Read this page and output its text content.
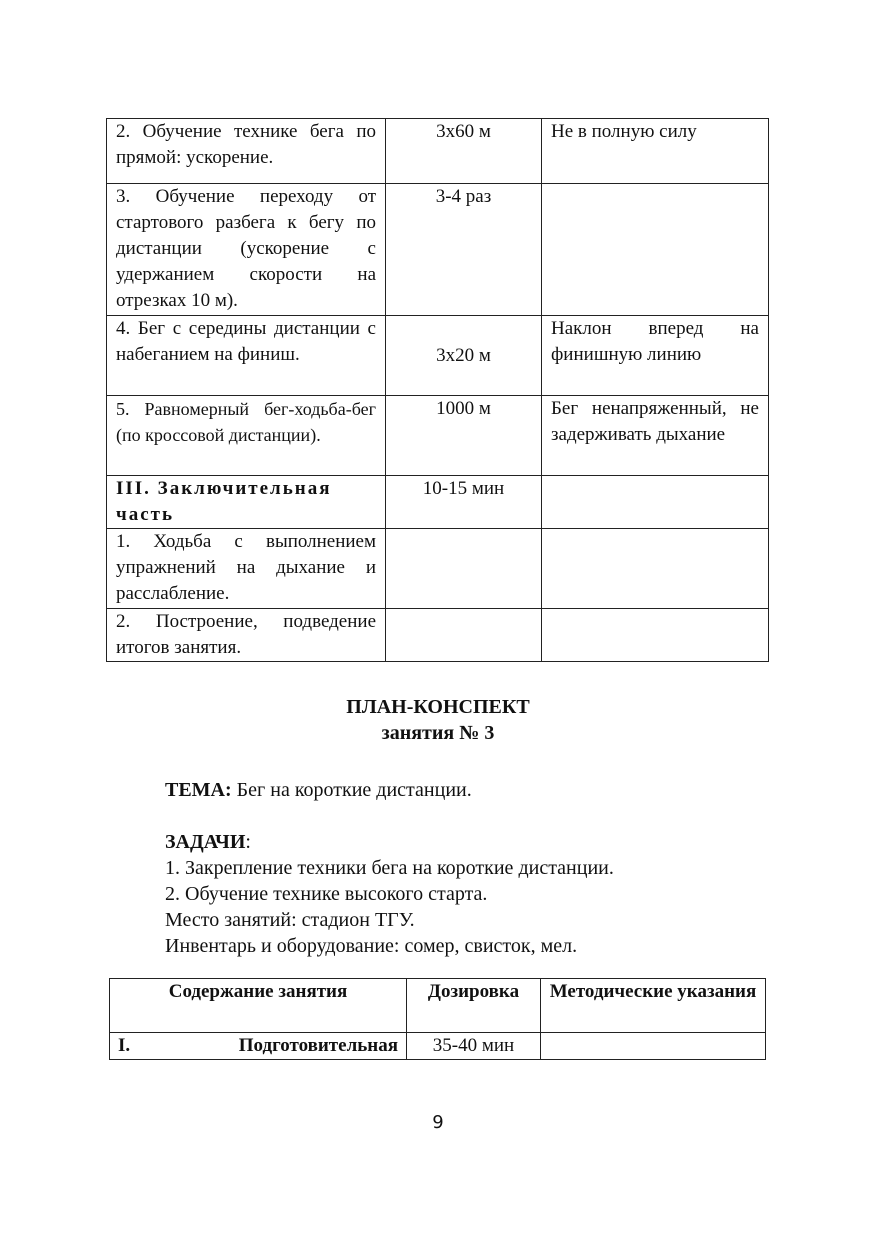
2. Обучение технике бега по прямой: ускорение.	3х60 м	Не в полную силу
3. Обучение переходу от стартового разбега к бегу по дистанции (ускорение с удержанием скорости на отрезках 10 м).	3-4 раз	
4. Бег с середины дистанции с набеганием на финиш.	3х20 м	Наклон вперед на финишную линию
5. Равномерный бег-ходьба-бег (по кроссовой дистанции).	1000 м	Бег ненапряженный, не задерживать дыхание
III. Заключительная часть	10-15 мин	
1. Ходьба с выполнением упражнений на дыхание и расслабление.		
2. Построение, подведение итогов занятия.		
ПЛАН-КОНСПЕКТ
занятия № 3
ТЕМА: Бег на короткие дистанции.
ЗАДАЧИ:
1. Закрепление техники бега на короткие дистанции.
2. Обучение технике высокого старта.
Место занятий: стадион ТГУ.
Инвентарь и оборудование: сомер, свисток, мел.
Содержание занятия	Дозировка	Методические указания
I. Подготовительная	35-40 мин	
9
